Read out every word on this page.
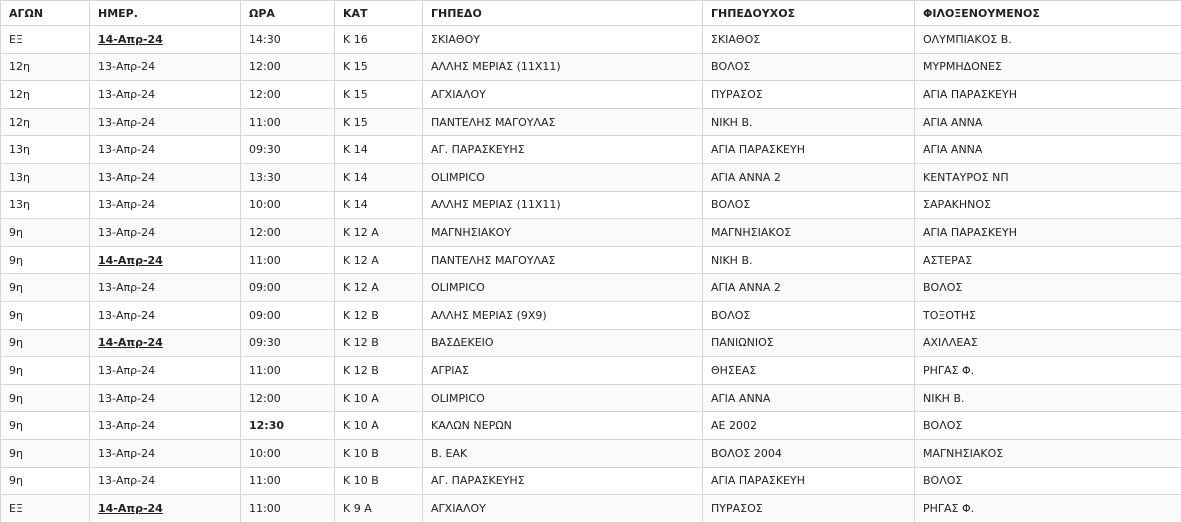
ΑΓΩΝ	ΗΜΕΡ.	ΩΡΑ	ΚΑΤ	ΓΗΠΕΔΟ	ΓΗΠΕΔΟΥΧΟΣ	ΦΙΛΟΞΕΝΟΥΜΕΝΟΣ
ΕΞ	14-Απρ-24	14:30	Κ 16	ΣΚΙΑΘΟΥ	ΣΚΙΑΘΟΣ	ΟΛΥΜΠΙΑΚΟΣ Β.
12η	13-Απρ-24	12:00	Κ 15	ΑΛΛΗΣ ΜΕΡΙΑΣ (11Χ11)	ΒΟΛΟΣ	ΜΥΡΜΗΔΟΝΕΣ
12η	13-Απρ-24	12:00	Κ 15	ΑΓΧΙΑΛΟΥ	ΠΥΡΑΣΟΣ	ΑΓΙΑ ΠΑΡΑΣΚΕΥΗ
12η	13-Απρ-24	11:00	Κ 15	ΠΑΝΤΕΛΗΣ ΜΑΓΟΥΛΑΣ	ΝΙΚΗ Β.	ΑΓΙΑ ΑΝΝΑ
13η	13-Απρ-24	09:30	Κ 14	ΑΓ. ΠΑΡΑΣΚΕΥΗΣ	ΑΓΙΑ ΠΑΡΑΣΚΕΥΗ	ΑΓΙΑ ΑΝΝΑ
13η	13-Απρ-24	13:30	Κ 14	OLIMPICO	ΑΓΙΑ ΑΝΝΑ 2	ΚΕΝΤΑΥΡΟΣ ΝΠ
13η	13-Απρ-24	10:00	Κ 14	ΑΛΛΗΣ ΜΕΡΙΑΣ (11Χ11)	ΒΟΛΟΣ	ΣΑΡΑΚΗΝΟΣ
9η	13-Απρ-24	12:00	Κ 12 Α	ΜΑΓΝΗΣΙΑΚΟΥ	ΜΑΓΝΗΣΙΑΚΟΣ	ΑΓΙΑ ΠΑΡΑΣΚΕΥΗ
9η	14-Απρ-24	11:00	Κ 12 Α	ΠΑΝΤΕΛΗΣ ΜΑΓΟΥΛΑΣ	ΝΙΚΗ Β.	ΑΣΤΕΡΑΣ
9η	13-Απρ-24	09:00	Κ 12 Α	OLIMPICO	ΑΓΙΑ ΑΝΝΑ 2	ΒΟΛΟΣ
9η	13-Απρ-24	09:00	Κ 12 Β	ΑΛΛΗΣ ΜΕΡΙΑΣ (9Χ9)	ΒΟΛΟΣ	ΤΟΞΟΤΗΣ
9η	14-Απρ-24	09:30	Κ 12 Β	ΒΑΣΔΕΚΕΙΟ	ΠΑΝΙΩΝΙΟΣ	ΑΧΙΛΛΕΑΣ
9η	13-Απρ-24	11:00	Κ 12 Β	ΑΓΡΙΑΣ	ΘΗΣΕΑΣ	ΡΗΓΑΣ Φ.
9η	13-Απρ-24	12:00	Κ 10 Α	OLIMPICO	ΑΓΙΑ ΑΝΝΑ	ΝΙΚΗ Β.
9η	13-Απρ-24	12:30	Κ 10 Α	ΚΑΛΩΝ ΝΕΡΩΝ	ΑΕ 2002	ΒΟΛΟΣ
9η	13-Απρ-24	10:00	Κ 10 Β	Β. ΕΑΚ	ΒΟΛΟΣ 2004	ΜΑΓΝΗΣΙΑΚΟΣ
9η	13-Απρ-24	11:00	Κ 10 Β	ΑΓ. ΠΑΡΑΣΚΕΥΗΣ	ΑΓΙΑ ΠΑΡΑΣΚΕΥΗ	ΒΟΛΟΣ
ΕΞ	14-Απρ-24	11:00	Κ 9 Α	ΑΓΧΙΑΛΟΥ	ΠΥΡΑΣΟΣ	ΡΗΓΑΣ Φ.
